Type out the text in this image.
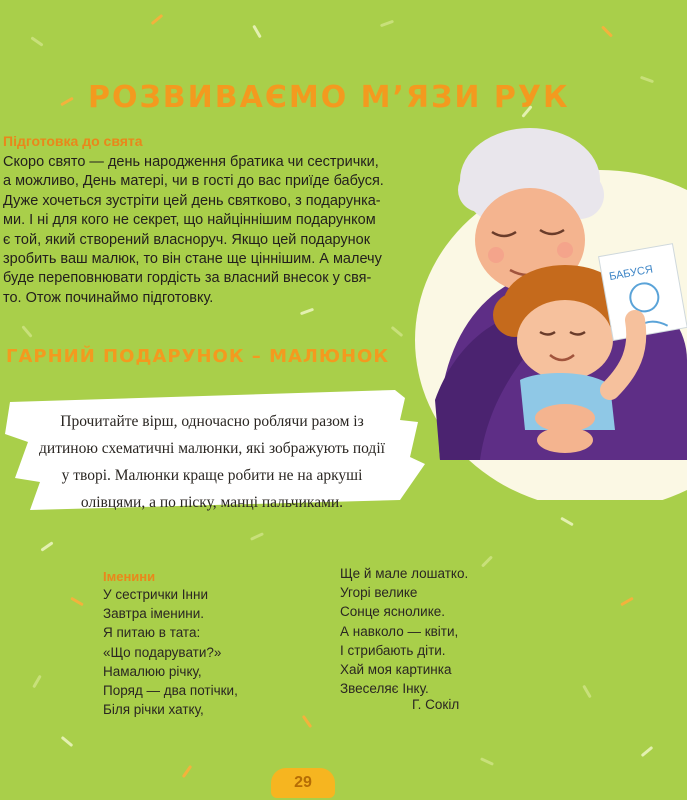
БАБУСЯ
РОЗВИВАЄМО М’ЯЗИ РУК
Підготовка до свята

Скоро свято — день народження братика чи сестрички,
а можливо, День матері, чи в гості до вас приїде бабуся.
Дуже хочеться зустріти цей день святково, з подарунка-
ми. І ні для кого не секрет, що найціннішим подарунком
є той, який створений власноруч. Якщо цей подарунок
зробить ваш малюк, то він стане ще ціннішим. А малечу
буде переповнювати гордість за власний внесок у свя-
то. Отож починаймо підготовку.

ГАРНИЙ ПОДАРУНОК – МАЛЮНОК

Прочитайте вірш, одночасно роблячи разом із
дитиною схематичні малюнки, які зображують події
у творі. Малюнки краще робити не на аркуші
олівцями, а по піску, манці пальчиками.

Іменини

У сестрички Інни
Завтра іменини.
Я питаю в тата:
«Що подарувати?»
Намалюю річку,
Поряд — два потічки,
Біля річки хатку,

Ще й мале лошатко.
Угорі велике
Сонце яснолике.
А навколо — квіти,
І стрибають діти.
Хай моя картинка
Звеселяє Інку.

Г. Сокіл
29
